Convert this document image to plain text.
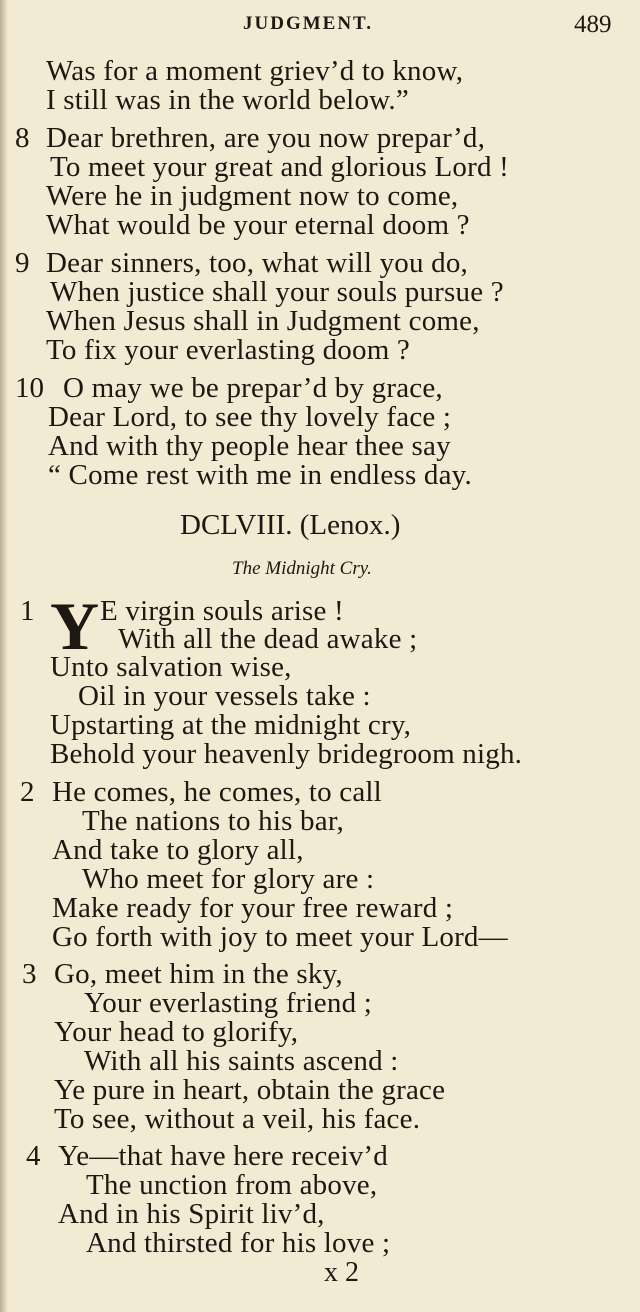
JUDGMENT.	489
Was for a moment griev’d to know,
I still was in the world below.”
8 Dear brethren, are you now prepar’d,
To meet your great and glorious Lord !
Were he in judgment now to come,
What would be your eternal doom ?
9 Dear sinners, too, what will you do,
When justice shall your souls pursue ?
When Jesus shall in Judgment come,
To fix your everlasting doom ?
10 O may we be prepar’d by grace,
Dear Lord, to see thy lovely face ;
And with thy people hear thee say
“ Come rest with me in endless day.
DCLVIII. (Lenox.)
The Midnight Cry.
1 Y E virgin souls arise !
With all the dead awake ;
Unto salvation wise,
Oil in your vessels take :
Upstarting at the midnight cry,
Behold your heavenly bridegroom nigh.
2 He comes, he comes, to call
The nations to his bar,
And take to glory all,
Who meet for glory are :
Make ready for your free reward ;
Go forth with joy to meet your Lord—
3 Go, meet him in the sky,
Your everlasting friend ;
Your head to glorify,
With all his saints ascend :
Ye pure in heart, obtain the grace
To see, without a veil, his face.
4 Ye—that have here receiv’d
The unction from above,
And in his Spirit liv’d,
And thirsted for his love ;
x 2
